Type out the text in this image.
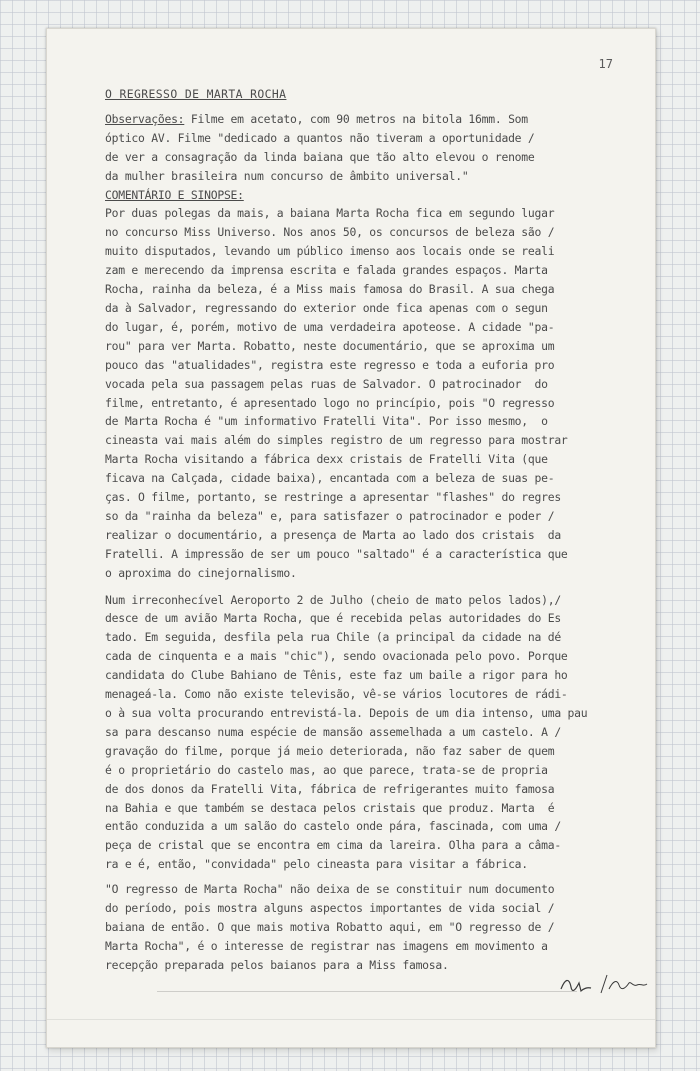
17
O REGRESSO DE MARTA ROCHA
Observações: Filme em acetato, com 90 metros na bitola 16mm. Som
óptico AV. Filme "dedicado a quantos não tiveram a oportunidade /
de ver a consagração da linda baiana que tão alto elevou o renome
da mulher brasileira num concurso de âmbito universal."
COMENTÁRIO E SINOPSE:
Por duas polegas da mais, a baiana Marta Rocha fica em segundo lugar
no concurso Miss Universo. Nos anos 50, os concursos de beleza são /
muito disputados, levando um público imenso aos locais onde se reali
zam e merecendo da imprensa escrita e falada grandes espaços. Marta
Rocha, rainha da beleza, é a Miss mais famosa do Brasil. A sua chega
da à Salvador, regressando do exterior onde fica apenas com o segun
do lugar, é, porém, motivo de uma verdadeira apoteose. A cidade "pa-
rou" para ver Marta. Robatto, neste documentário, que se aproxima um
pouco das "atualidades", registra este regresso e toda a euforia pro
vocada pela sua passagem pelas ruas de Salvador. O patrocinador  do
filme, entretanto, é apresentado logo no princípio, pois "O regresso
de Marta Rocha é "um informativo Fratelli Vita". Por isso mesmo,  o
cineasta vai mais além do simples registro de um regresso para mostrar
Marta Rocha visitando a fábrica dexx cristais de Fratelli Vita (que
ficava na Calçada, cidade baixa), encantada com a beleza de suas pe-
ças. O filme, portanto, se restringe a apresentar "flashes" do regres
so da "rainha da beleza" e, para satisfazer o patrocinador e poder /
realizar o documentário, a presença de Marta ao lado dos cristais  da
Fratelli. A impressão de ser um pouco "saltado" é a característica que
o aproxima do cinejornalismo.
Num irreconhecível Aeroporto 2 de Julho (cheio de mato pelos lados),/
desce de um avião Marta Rocha, que é recebida pelas autoridades do Es
tado. Em seguida, desfila pela rua Chile (a principal da cidade na dé
cada de cinquenta e a mais "chic"), sendo ovacionada pelo povo. Porque
candidata do Clube Bahiano de Tênis, este faz um baile a rigor para ho
menageá-la. Como não existe televisão, vê-se vários locutores de rádi-
o à sua volta procurando entrevistá-la. Depois de um dia intenso, uma pau
sa para descanso numa espécie de mansão assemelhada a um castelo. A /
gravação do filme, porque já meio deteriorada, não faz saber de quem
é o proprietário do castelo mas, ao que parece, trata-se de propria
de dos donos da Fratelli Vita, fábrica de refrigerantes muito famosa
na Bahia e que também se destaca pelos cristais que produz. Marta  é
então conduzida a um salão do castelo onde pára, fascinada, com uma /
peça de cristal que se encontra em cima da lareira. Olha para a câma-
ra e é, então, "convidada" pelo cineasta para visitar a fábrica.
"O regresso de Marta Rocha" não deixa de se constituir num documento
do período, pois mostra alguns aspectos importantes de vida social /
baiana de então. O que mais motiva Robatto aqui, em "O regresso de /
Marta Rocha", é o interesse de registrar nas imagens em movimento a
recepção preparada pelos baianos para a Miss famosa.
